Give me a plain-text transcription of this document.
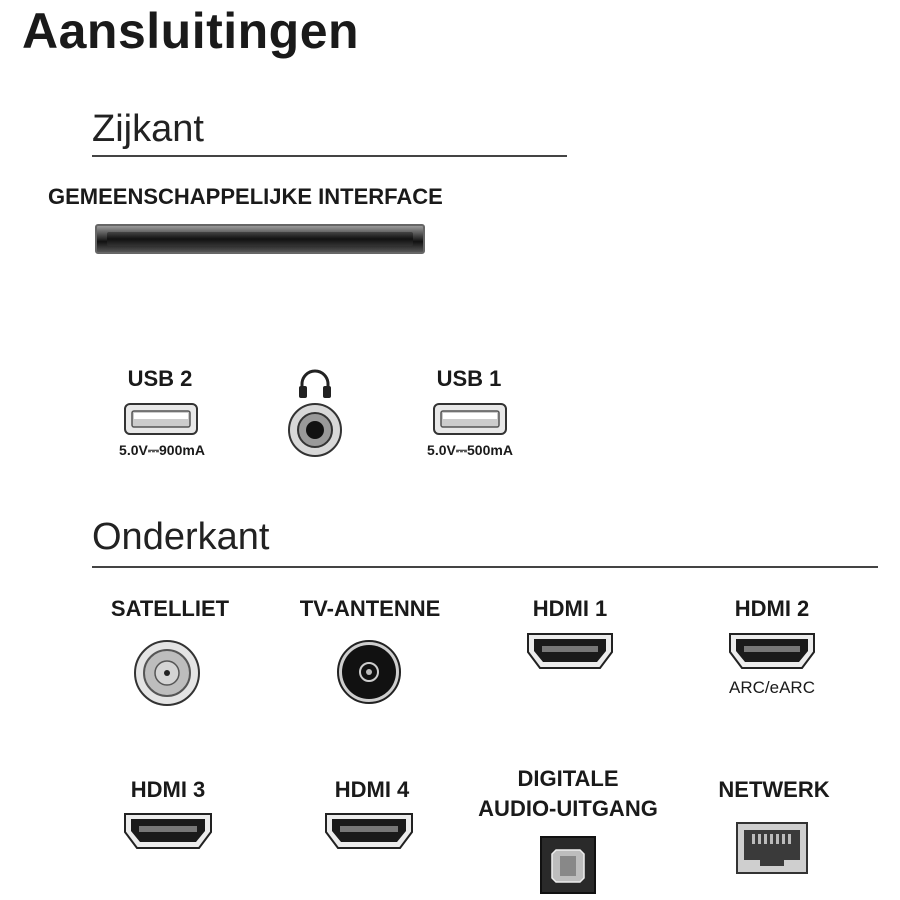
Aansluitingen
Zijkant
GEMEENSCHAPPELIJKE INTERFACE
USB 2
5.0V⎓900mA
USB 1
5.0V⎓500mA
Onderkant
SATELLIET	TV-ANTENNE	HDMI 1	HDMI 2
ARC/eARC
HDMI 3	HDMI 4	DIGITALE
AUDIO-UITGANG
NETWERK
